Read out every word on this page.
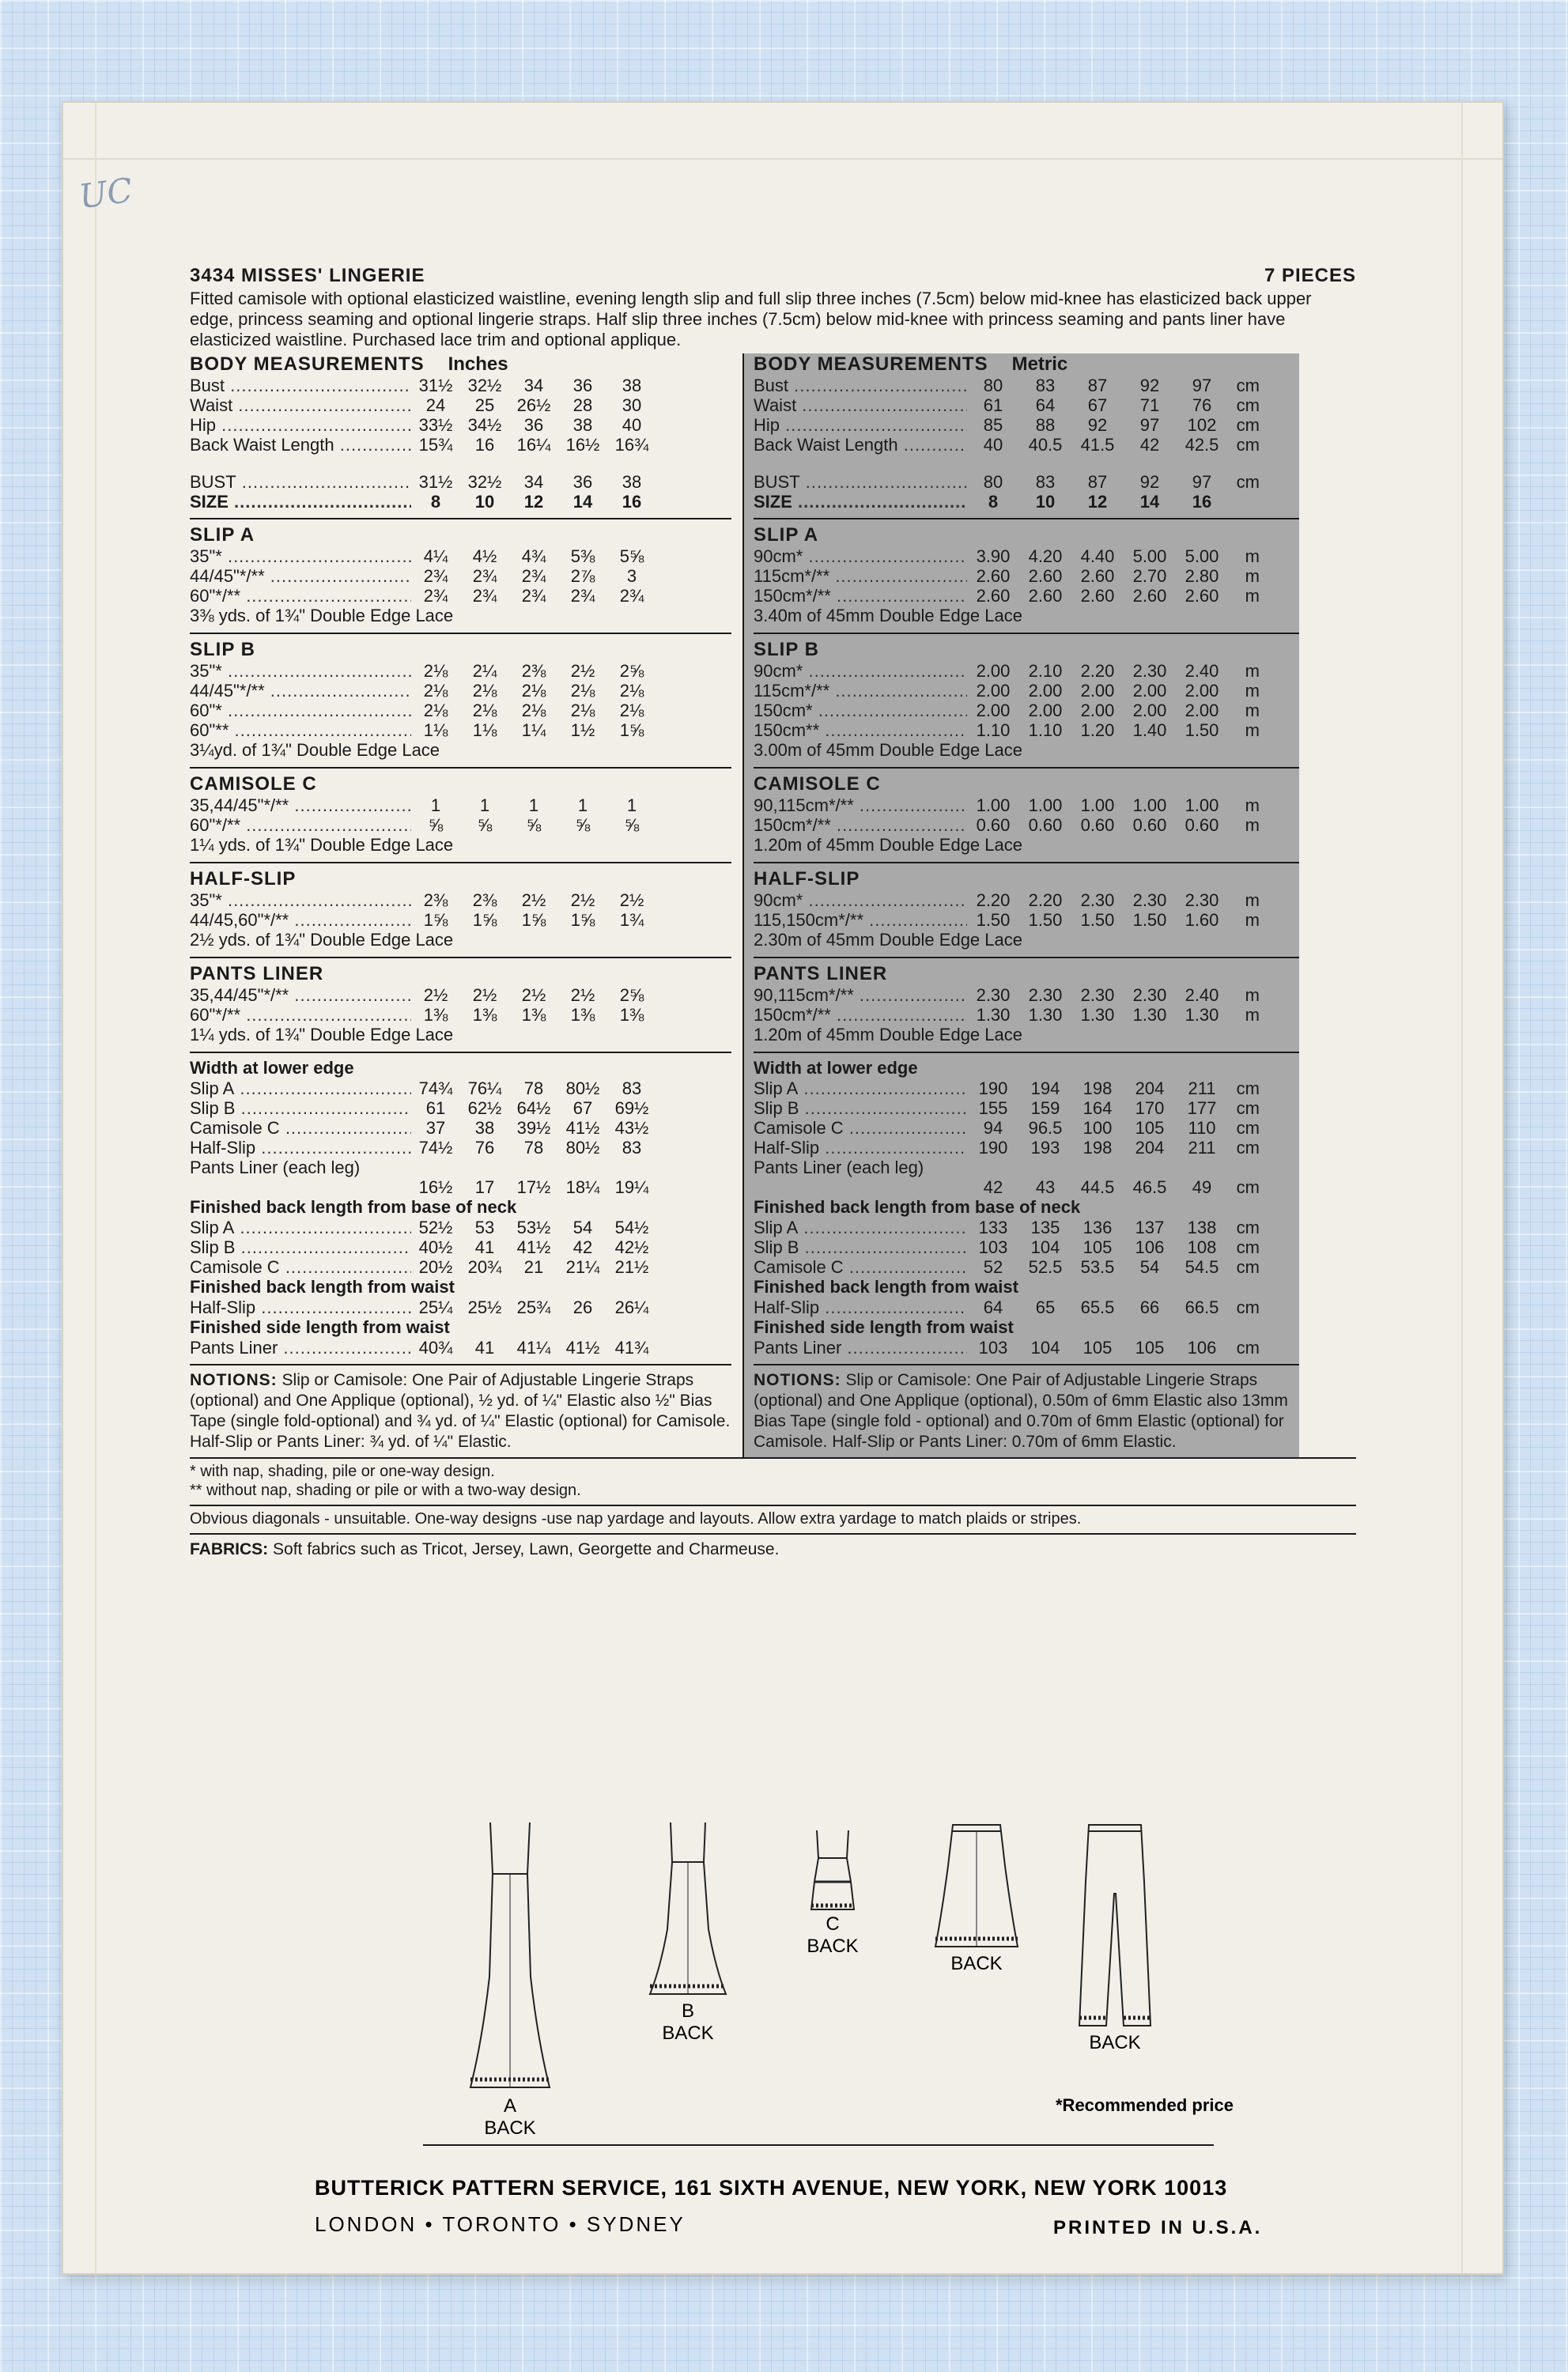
UC
3434 MISSES' LINGERIE	7 PIECES
Fitted camisole with optional elasticized waistline, evening length slip and full slip three inches (7.5cm) below mid-knee has elasticized back upper edge, princess seaming and optional lingerie straps. Half slip three inches (7.5cm) below mid-knee with princess seaming and pants liner have elasticized waistline. Purchased lace trim and optional applique.
BODY MEASUREMENTS Inches
Bust .....	31½ 32½	34	36	38
Waist .....	24	25	26½	28	30
Hip .....	33½ 34½	36	38	40
Back Waist Length .....	15¾	16	16¼ 16½ 16¾
BUST .....	31½ 32½	34	36	38
SIZE .....	8	10	12	14	16
SLIP A
35"* .....	4¼	4½	4¾	5⅜	5⅝
44/45"*/** .....	2¾	2¾	2¾	2⅞	3
60"*/** .....	2¾	2¾	2¾	2¾	2¾
3⅜ yds. of 1¾" Double Edge Lace
SLIP B
35"* .....	2⅛	2¼	2⅜	2½	2⅝
44/45"*/** .....	2⅛	2⅛	2⅛	2⅛	2⅛
60"* .....	2⅛	2⅛	2⅛	2⅛	2⅛
60"** .....	1⅛	1⅛	1¼	1½	1⅝
3¼yd. of 1¾" Double Edge Lace
CAMISOLE C
35,44/45"*/** .....	1	1	1	1	1
60"*/** .....	⅝	⅝	⅝	⅝	⅝
1¼ yds. of 1¾" Double Edge Lace
HALF-SLIP
35"* .....	2⅜	2⅜	2½	2½	2½
44/45,60"*/** .....	1⅝	1⅝	1⅝	1⅝	1¾
2½ yds. of 1¾" Double Edge Lace
PANTS LINER
35,44/45"*/** .....	2½	2½	2½	2½	2⅝
60"*/** .....	1⅜	1⅜	1⅜	1⅜	1⅜
1¼ yds. of 1¾" Double Edge Lace
Width at lower edge
Slip A .....	74¾ 76¼	78	80½	83
Slip B .....	61	62½ 64½	67	69½
Camisole C .....	37	38	39½ 41½ 43½
Half-Slip .....	74½	76	78	80½	83
Pants Liner (each leg)
16½	17	17½ 18¼ 19¼
Finished back length from base of neck
Slip A .....	52½	53	53½	54	54½
Slip B .....	40½	41	41½	42	42½
Camisole C .....	20½ 20¾	21	21¼ 21½
Finished back length from waist
Half-Slip .....	25¼ 25½ 25¾	26	26¼
Finished side length from waist
Pants Liner .....	40¾	41	41¼ 41½ 41¾
NOTIONS: Slip or Camisole: One Pair of Adjustable Lingerie Straps (optional) and One Applique (optional), ½ yd. of ¼" Elastic also ½" Bias Tape (single fold-optional) and ¾ yd. of ¼" Elastic (optional) for Camisole. Half-Slip or Pants Liner: ¾ yd. of ¼" Elastic.
BODY MEASUREMENTS Metric
Bust .....	80	83	87	92	97	cm
Waist .....	61	64	67	71	76	cm
Hip .....	85	88	92	97	102	cm
Back Waist Length .....	40	40.5	41.5	42	42.5	cm
BUST .....	80	83	87	92	97	cm
SIZE .....	8	10	12	14	16
SLIP A
90cm* .....	3.90	4.20	4.40	5.00	5.00	m
115cm*/** .....	2.60	2.60	2.60	2.70	2.80	m
150cm*/** .....	2.60	2.60	2.60	2.60	2.60	m
3.40m of 45mm Double Edge Lace
SLIP B
90cm* .....	2.00	2.10	2.20	2.30	2.40	m
115cm*/** .....	2.00	2.00	2.00	2.00	2.00	m
150cm* .....	2.00	2.00	2.00	2.00	2.00	m
150cm** .....	1.10	1.10	1.20	1.40	1.50	m
3.00m of 45mm Double Edge Lace
CAMISOLE C
90,115cm*/** .....	1.00	1.00	1.00	1.00	1.00	m
150cm*/** .....	0.60	0.60	0.60	0.60	0.60	m
1.20m of 45mm Double Edge Lace
HALF-SLIP
90cm* .....	2.20	2.20	2.30	2.30	2.30	m
115,150cm*/** .....	1.50	1.50	1.50	1.50	1.60	m
2.30m of 45mm Double Edge Lace
PANTS LINER
90,115cm*/** .....	2.30	2.30	2.30	2.30	2.40	m
150cm*/** .....	1.30	1.30	1.30	1.30	1.30	m
1.20m of 45mm Double Edge Lace
Width at lower edge
Slip A .....	190	194	198	204	211	cm
Slip B .....	155	159	164	170	177	cm
Camisole C .....	94	96.5	100	105	110	cm
Half-Slip .....	190	193	198	204	211	cm
Pants Liner (each leg)
42	43	44.5	46.5	49	cm
Finished back length from base of neck
Slip A .....	133	135	136	137	138	cm
Slip B .....	103	104	105	106	108	cm
Camisole C .....	52	52.5	53.5	54	54.5	cm
Finished back length from waist
Half-Slip .....	64	65	65.5	66	66.5	cm
Finished side length from waist
Pants Liner .....	103	104	105	105	106	cm
NOTIONS: Slip or Camisole: One Pair of Adjustable Lingerie Straps (optional) and One Applique (optional), 0.50m of 6mm Elastic also 13mm Bias Tape (single fold - optional) and 0.70m of 6mm Elastic (optional) for Camisole. Half-Slip or Pants Liner: 0.70m of 6mm Elastic.
* with nap, shading, pile or one-way design.
** without nap, shading or pile or with a two-way design.
Obvious diagonals - unsuitable. One-way designs -use nap yardage and layouts. Allow extra yardage to match plaids or stripes.
FABRICS: Soft fabrics such as Tricot, Jersey, Lawn, Georgette and Charmeuse.
A
BACK
B
BACK
C
BACK
BACK
BACK
*Recommended price
BUTTERICK PATTERN SERVICE, 161 SIXTH AVENUE, NEW YORK, NEW YORK 10013
LONDON • TORONTO • SYDNEY	PRINTED IN U.S.A.
